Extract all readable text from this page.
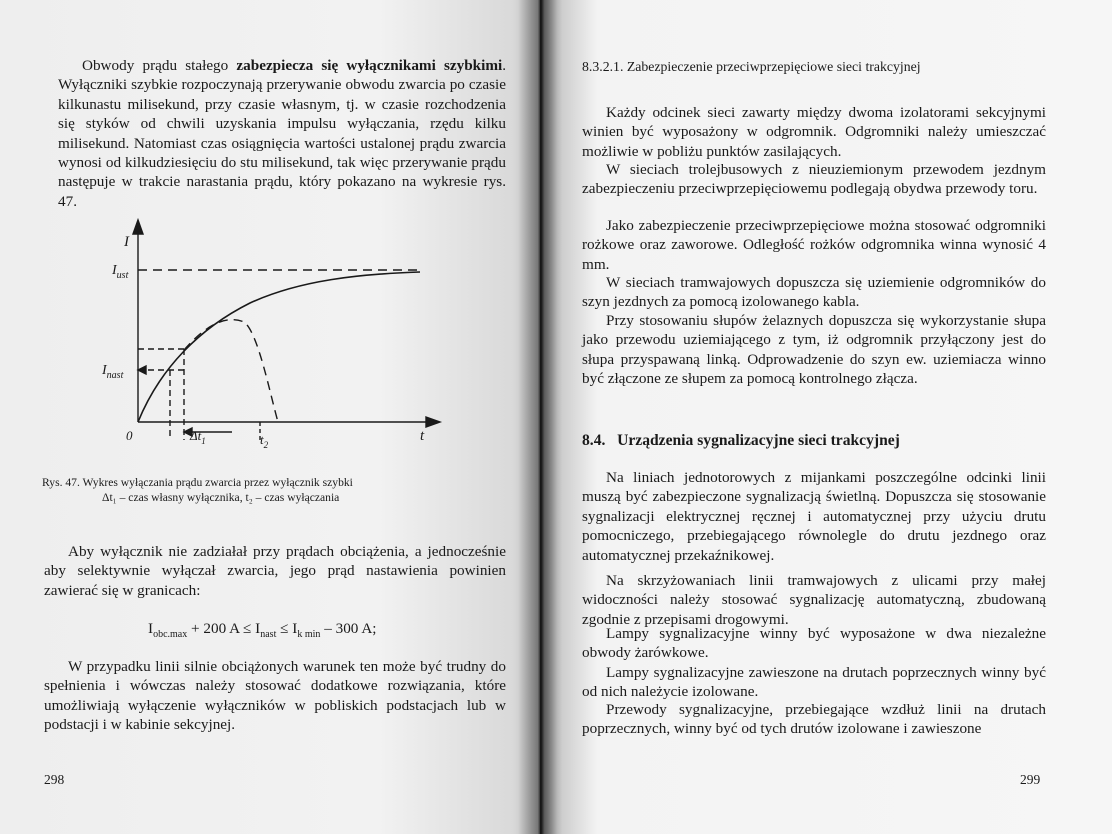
Obwody prądu stałego zabezpiecza się wyłącznikami szybkimi. Wyłączniki szybkie rozpoczynają przerywanie obwodu zwarcia po czasie kilkunastu milisekund, przy czasie własnym, tj. w czasie rozchodzenia się styków od chwili uzyskania impulsu wyłączania, rzędu kilku milisekund. Natomiast czas osiągnięcia wartości ustalonej prądu zwarcia wynosi od kilkudziesięciu do stu milisekund, tak więc przerywanie prądu następuje w trakcie narastania prądu, który pokazano na wykresie rys. 47.

I
$I_{ust}$
$I_{nast}$
0	$\Delta t_1$	$t_2$
t

Rys. 47. Wykres wyłączania prądu zwarcia przez wyłącznik szybki

Δt₁ – czas własny wyłącznika, t₂ – czas wyłączania

Aby wyłącznik nie zadziałał przy prądach obciążenia, a jednocześnie aby selektywnie wyłączał zwarcia, jego prąd nastawienia powinien zawierać się w granicach:

$I_{obc.max} + 200$ $A \le I_{nast} \le I_{k min} - 300$ A;

W przypadku linii silnie obciążonych warunek ten może być trudny do spełnienia i wówczas należy stosować dodatkowe rozwiązania, które umożliwiają wyłączenie wyłączników w pobliskich podstacjach lub w podstacji i w kabinie sekcyjnej.

298

8.3.2.1. Zabezpieczenie przeciwprzepięciowe sieci trakcyjnej

Każdy odcinek sieci zawarty między dwoma izolatorami sekcyjnymi winien być wyposażony w odgromnik. Odgromniki należy umieszczać możliwie w pobliżu punktów zasilających.

W sieciach trolejbusowych z nieuziemionym przewodem jezdnym zabezpieczeniu przeciwprzepięciowemu podlegają obydwa przewody toru.

Jako zabezpieczenie przeciwprzepięciowe można stosować odgromniki rożkowe oraz zaworowe. Odległość rożków odgromnika winna wynosić 4 mm.

W sieciach tramwajowych dopuszcza się uziemienie odgromników do szyn jezdnych za pomocą izolowanego kabla.

Przy stosowaniu słupów żelaznych dopuszcza się wykorzystanie słupa jako przewodu uziemiającego z tym, iż odgromnik przyłączony jest do słupa przyspawaną linką. Odprowadzenie do szyn ew. uziemiacza winno być złączone ze słupem za pomocą kontrolnego złącza.

8.4.   Urządzenia sygnalizacyjne sieci trakcyjnej

Na liniach jednotorowych z mijankami poszczególne odcinki linii muszą być zabezpieczone sygnalizacją świetlną. Dopuszcza się stosowanie sygnalizacji elektrycznej ręcznej i automatycznej przy użyciu drutu pomocniczego, przebiegającego równolegle do drutu jezdnego oraz automatycznej przekaźnikowej.

Na skrzyżowaniach linii tramwajowych z ulicami przy małej widoczności należy stosować sygnalizację automatyczną, zbudowaną zgodnie z przepisami drogowymi.

Lampy sygnalizacyjne winny być wyposażone w dwa niezależne obwody żarówkowe.

Lampy sygnalizacyjne zawieszone na drutach poprzecznych winny być od nich należycie izolowane.

Przewody sygnalizacyjne, przebiegające wzdłuż linii na drutach poprzecznych, winny być od tych drutów izolowane i zawieszone

299
